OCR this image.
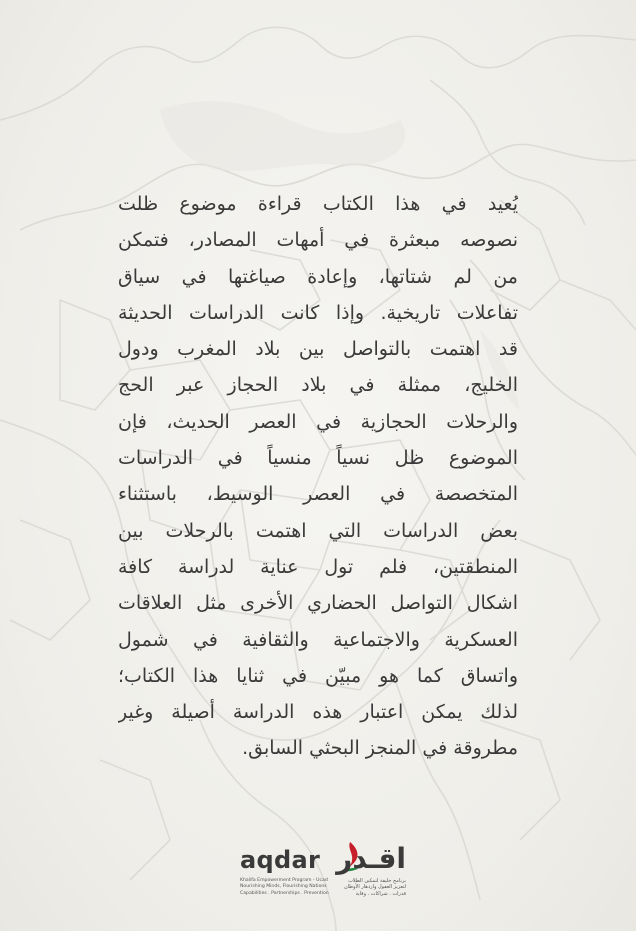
يُعيد في هذا الكتاب قراءة موضوع ظلت
نصوصه مبعثرة في أمهات المصادر، فتمكن
من لم شتاتها، وإعادة صياغتها في سياق
تفاعلات تاريخية. وإذا كانت الدراسات الحديثة
قد اهتمت بالتواصل بين بلاد المغرب ودول
الخليج، ممثلة في بلاد الحجاز عبر الحج
والرحلات الحجازية في العصر الحديث، فإن
الموضوع ظل نسياً منسياً في الدراسات
المتخصصة في العصر الوسيط، باستثناء
بعض الدراسات التي اهتمت بالرحلات بين
المنطقتين، فلم تول عناية لدراسة كافة
اشكال التواصل الحضاري الأخرى مثل العلاقات
العسكرية والاجتماعية والثقافية في شمول
واتساق كما هو مبيّن في ثنايا هذا الكتاب؛
لذلك يمكن اعتبار هذه الدراسة أصيلة وغير
مطروقة في المنجز البحثي السابق.
aqdar اقـدر
Khalifa Empowerment Program - Ucad
Nourishing Minds, Flourishing Nations
Capabilities . Partnerships . Prevention
برنامج خليفة لتمكين الطلاب
لتعزيز العقول وازدهار الأوطان
قدرات . شراكات . وقاية
